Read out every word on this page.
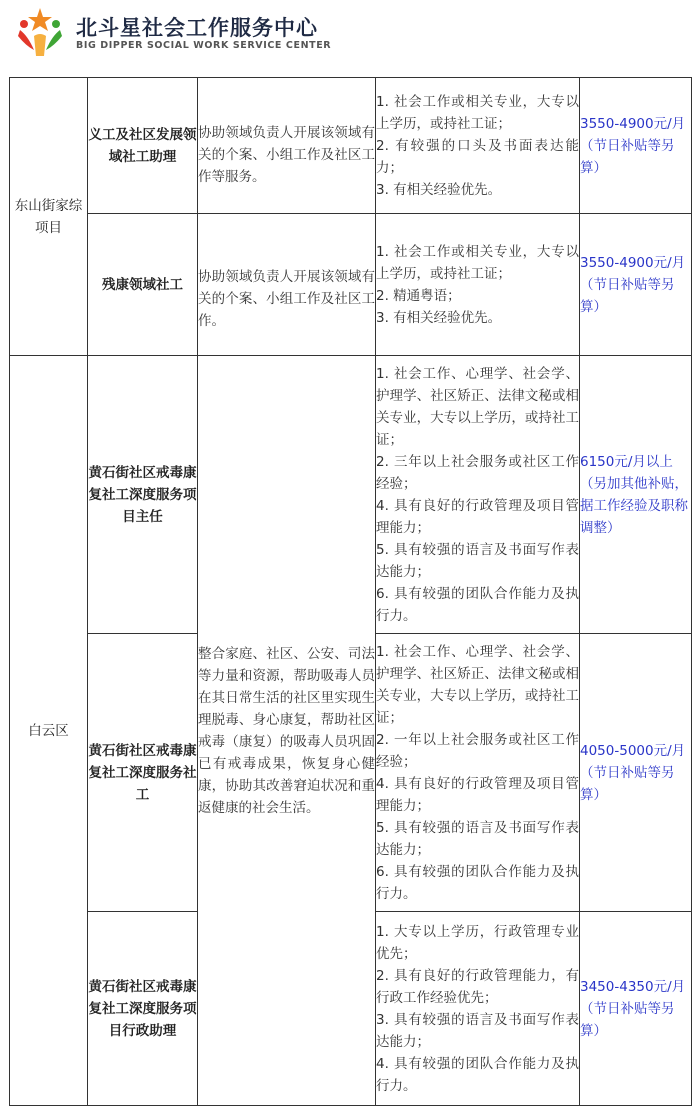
北斗星社会工作服务中心
BIG DIPPER SOCIAL WORK SERVICE CENTER
东山街家综项目	义工及社区发展领域社工助理	协助领域负责人开展该领域有关的个案、小组工作及社区工作等服务。	1. 社会工作或相关专业，大专以上学历，或持社工证；
2. 有较强的口头及书面表达能力；
3. 有相关经验优先。	3550-4900元/月（节日补贴等另算）
	残康领域社工	协助领域负责人开展该领域有关的个案、小组工作及社区工作。	1. 社会工作或相关专业，大专以上学历，或持社工证；
2. 精通粤语；
3. 有相关经验优先。	3550-4900元/月（节日补贴等另算）
白云区	黄石街社区戒毒康复社工深度服务项目主任	整合家庭、社区、公安、司法等力量和资源，帮助吸毒人员在其日常生活的社区里实现生理脱毒、身心康复，帮助社区戒毒（康复）的吸毒人员巩固已有戒毒成果，恢复身心健康，协助其改善窘迫状况和重返健康的社会生活。	1. 社会工作、心理学、社会学、护理学、社区矫正、法律文秘或相关专业，大专以上学历，或持社工证；
2. 三年以上社会服务或社区工作经验；
4. 具有良好的行政管理及项目管理能力；
5. 具有较强的语言及书面写作表达能力；
6. 具有较强的团队合作能力及执行力。	6150元/月以上（另加其他补贴，据工作经验及职称调整）
	黄石街社区戒毒康复社工深度服务社工		1. 社会工作、心理学、社会学、护理学、社区矫正、法律文秘或相关专业，大专以上学历，或持社工证；
2. 一年以上社会服务或社区工作经验；
4. 具有良好的行政管理及项目管理能力；
5. 具有较强的语言及书面写作表达能力；
6. 具有较强的团队合作能力及执行力。	4050-5000元/月（节日补贴等另算）
	黄石街社区戒毒康复社工深度服务项目行政助理		1. 大专以上学历，行政管理专业优先；
2. 具有良好的行政管理能力，有行政工作经验优先；
3. 具有较强的语言及书面写作表达能力；
4. 具有较强的团队合作能力及执行力。	3450-4350元/月（节日补贴等另算）
